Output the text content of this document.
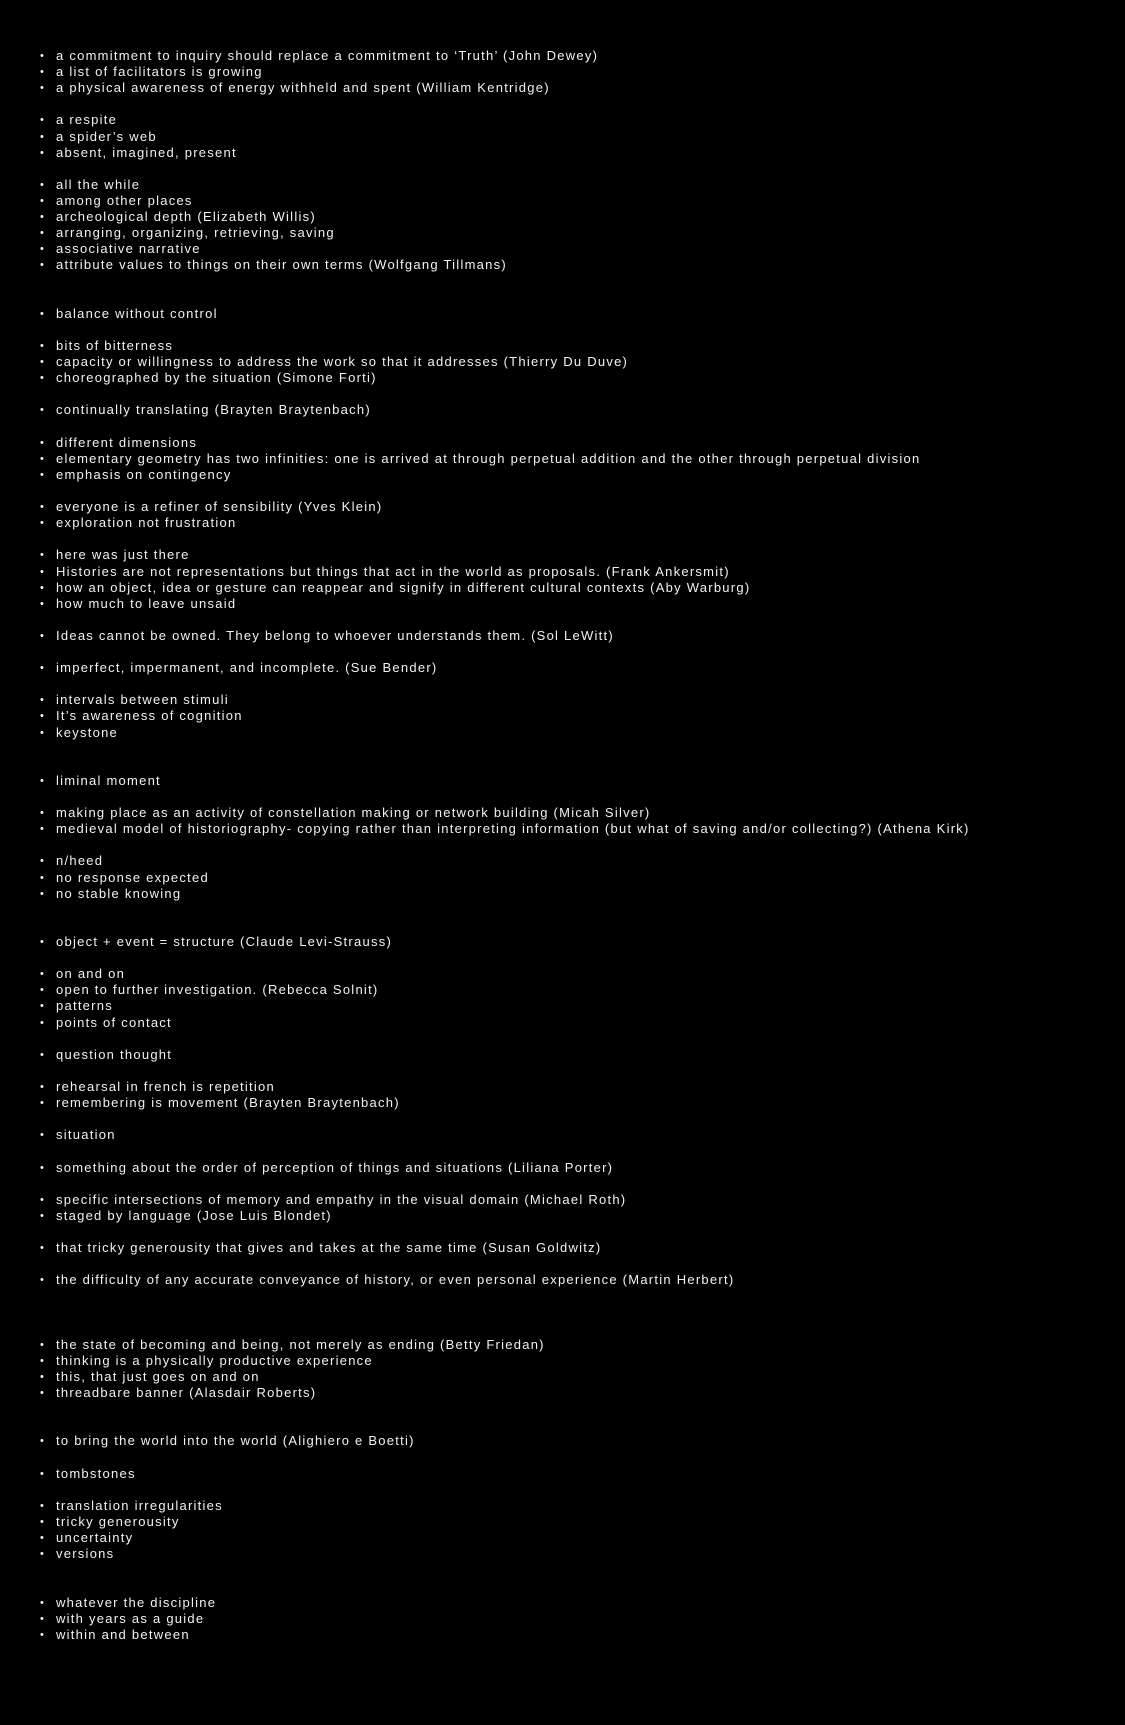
• a commitment to inquiry should replace a commitment to ‘Truth’ (John Dewey)
• a list of facilitators is growing
• a physical awareness of energy withheld and spent (William Kentridge)
• a respite
• a spider’s web
• absent, imagined, present
• all the while
• among other places
• archeological depth (Elizabeth Willis)
• arranging, organizing, retrieving, saving
• associative narrative
• attribute values to things on their own terms (Wolfgang Tillmans)
• balance without control
• bits of bitterness
• capacity or willingness to address the work so that it addresses (Thierry Du Duve)
• choreographed by the situation (Simone Forti)
• continually translating (Brayten Braytenbach)
• different dimensions
• elementary geometry has two infinities: one is arrived at through perpetual addition and the other through perpetual division
• emphasis on contingency
• everyone is a refiner of sensibility (Yves Klein)
• exploration not frustration
• here was just there
• Histories are not representations but things that act in the world as proposals. (Frank Ankersmit)
• how an object, idea or gesture can reappear and signify in different cultural contexts (Aby Warburg)
• how much to leave unsaid
• Ideas cannot be owned. They belong to whoever understands them. (Sol LeWitt)
• imperfect, impermanent, and incomplete. (Sue Bender)
• intervals between stimuli
• It’s awareness of cognition
• keystone
• liminal moment
• making place as an activity of constellation making or network building (Micah Silver)
• medieval model of historiography- copying rather than interpreting information (but what of saving and/or collecting?) (Athena Kirk)
• n/heed
• no response expected
• no stable knowing
• object + event = structure (Claude Levi-Strauss)
• on and on
• open to further investigation. (Rebecca Solnit)
• patterns
• points of contact
• question thought
• rehearsal in french is repetition
• remembering is movement (Brayten Braytenbach)
• situation
• something about the order of perception of things and situations (Liliana Porter)
• specific intersections of memory and empathy in the visual domain (Michael Roth)
• staged by language (Jose Luis Blondet)
• that tricky generousity that gives and takes at the same time (Susan Goldwitz)
• the difficulty of any accurate conveyance of history, or even personal experience (Martin Herbert)
• the state of becoming and being, not merely as ending (Betty Friedan)
• thinking is a physically productive experience
• this, that just goes on and on
• threadbare banner (Alasdair Roberts)
• to bring the world into the world (Alighiero e Boetti)
• tombstones
• translation irregularities
• tricky generousity
• uncertainty
• versions
• whatever the discipline
• with years as a guide
• within and between
